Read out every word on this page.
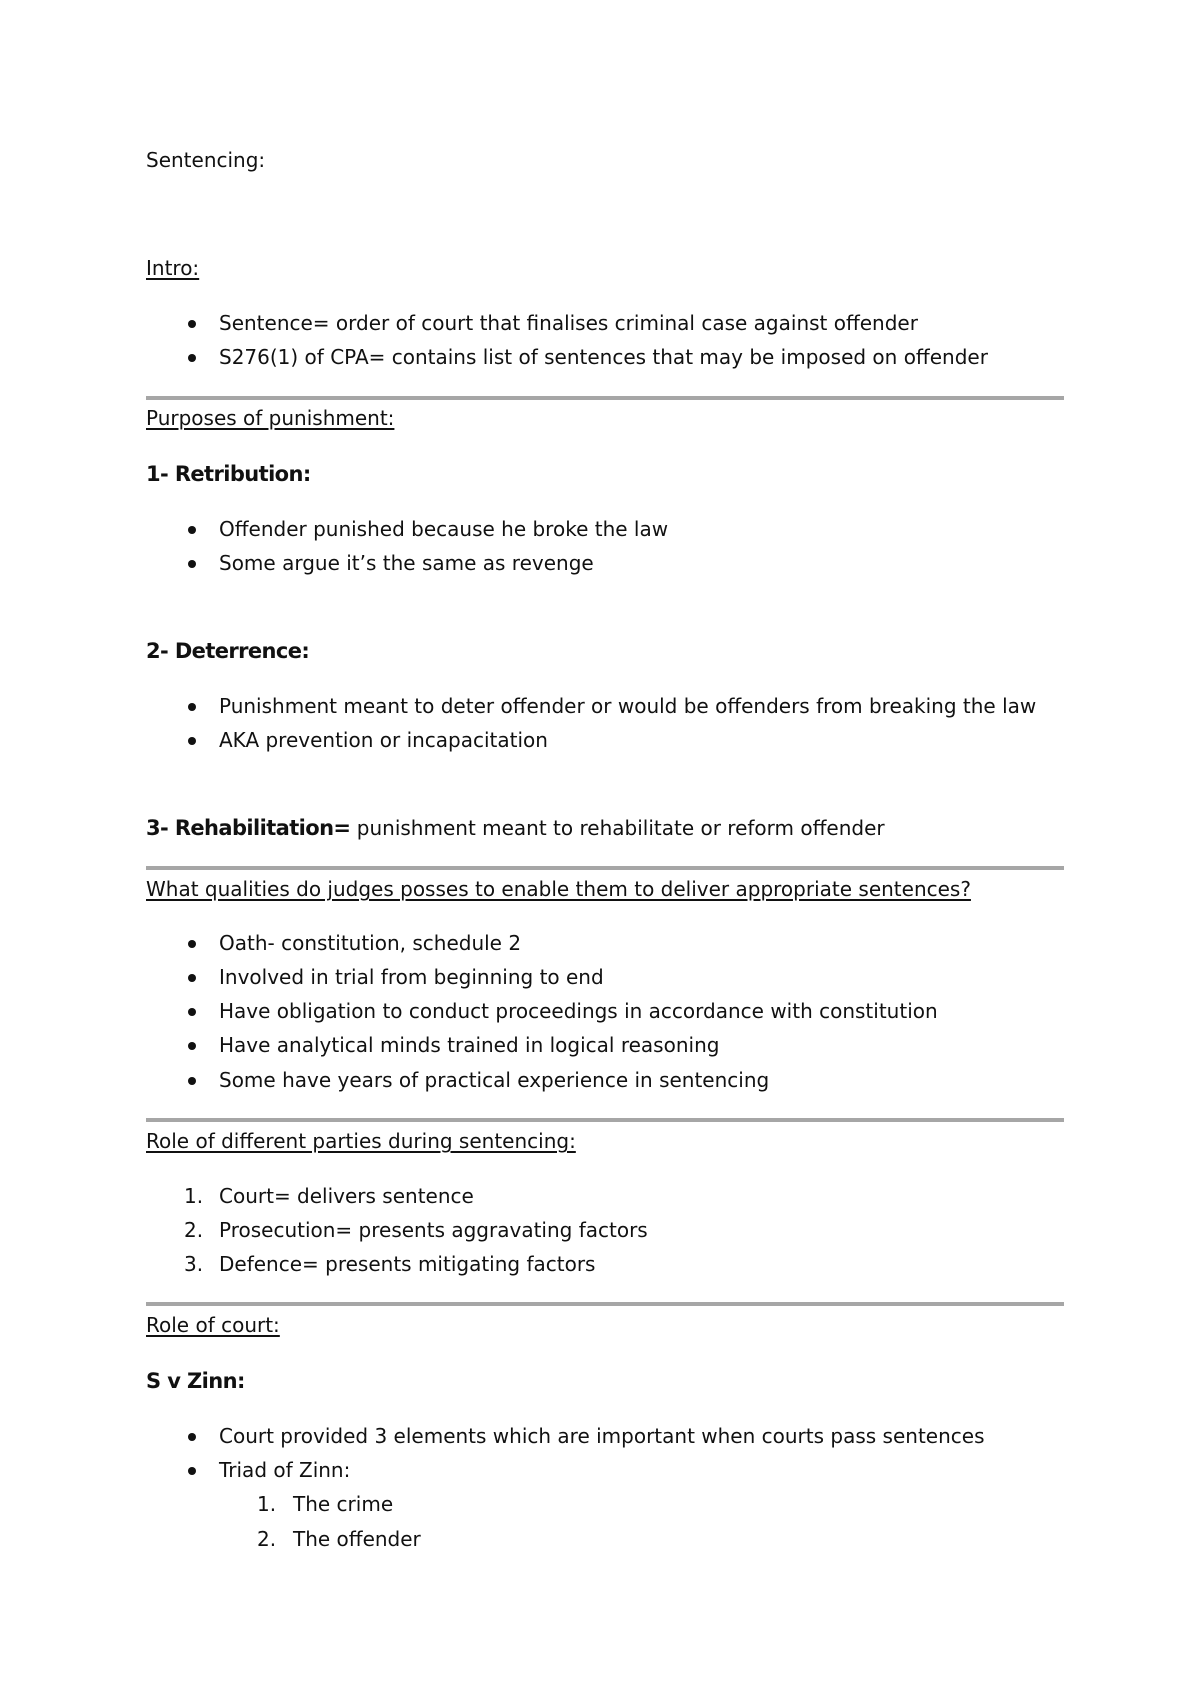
Sentencing:
Intro:
Sentence= order of court that finalises criminal case against offender
S276(1) of CPA= contains list of sentences that may be imposed on offender
Purposes of punishment:
1- Retribution:
Offender punished because he broke the law
Some argue it’s the same as revenge
2- Deterrence:
Punishment meant to deter offender or would be offenders from breaking the law
AKA prevention or incapacitation
3- Rehabilitation= punishment meant to rehabilitate or reform offender
What qualities do judges posses to enable them to deliver appropriate sentences?
Oath- constitution, schedule 2
Involved in trial from beginning to end
Have obligation to conduct proceedings in accordance with constitution
Have analytical minds trained in logical reasoning
Some have years of practical experience in sentencing
Role of different parties during sentencing:
1. Court= delivers sentence
2. Prosecution= presents aggravating factors
3. Defence= presents mitigating factors
Role of court:
S v Zinn:
Court provided 3 elements which are important when courts pass sentences
Triad of Zinn:
1. The crime
2. The offender
